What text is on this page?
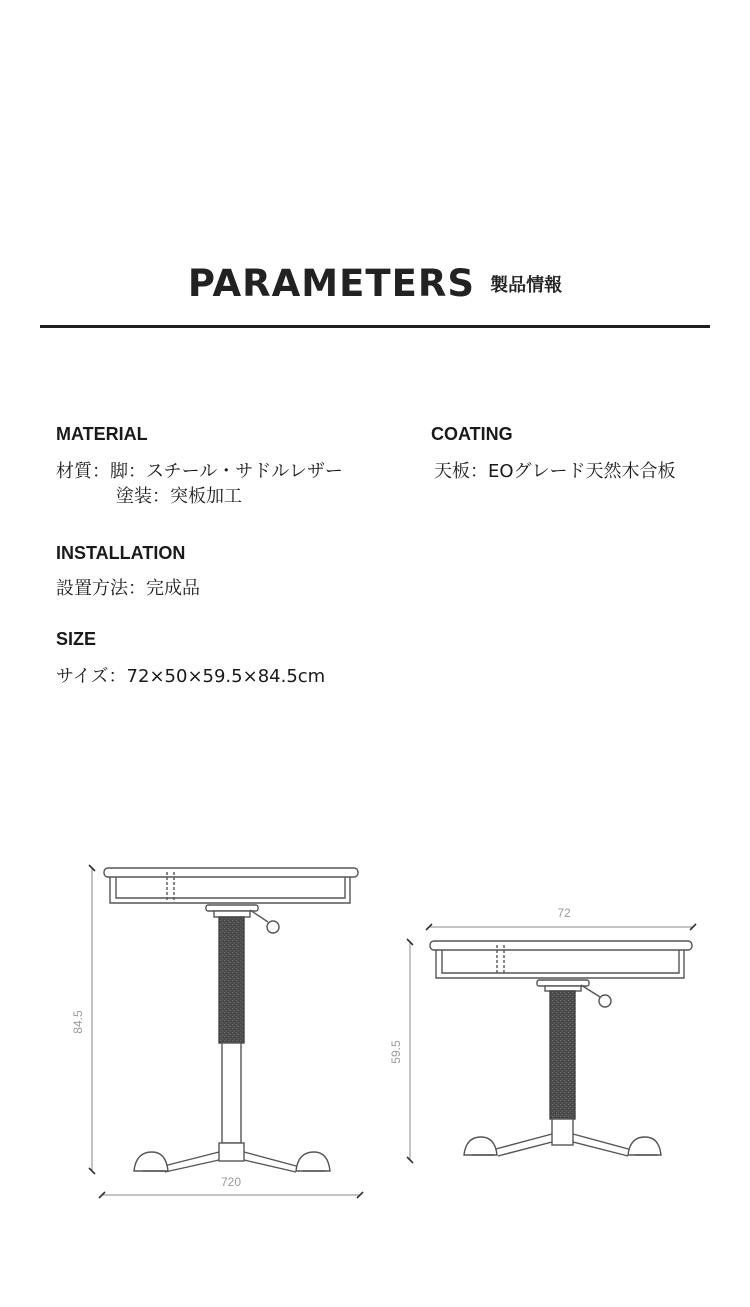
PARAMETERS 製品情報
MATERIAL
材質：脚：スチール・サドルレザー
塗装：突板加工
COATING
天板：EOグレード天然木合板
INSTALLATION
設置方法：完成品
SIZE
サイズ：72×50×59.5×84.5cm
84.5
720
59.5
72
